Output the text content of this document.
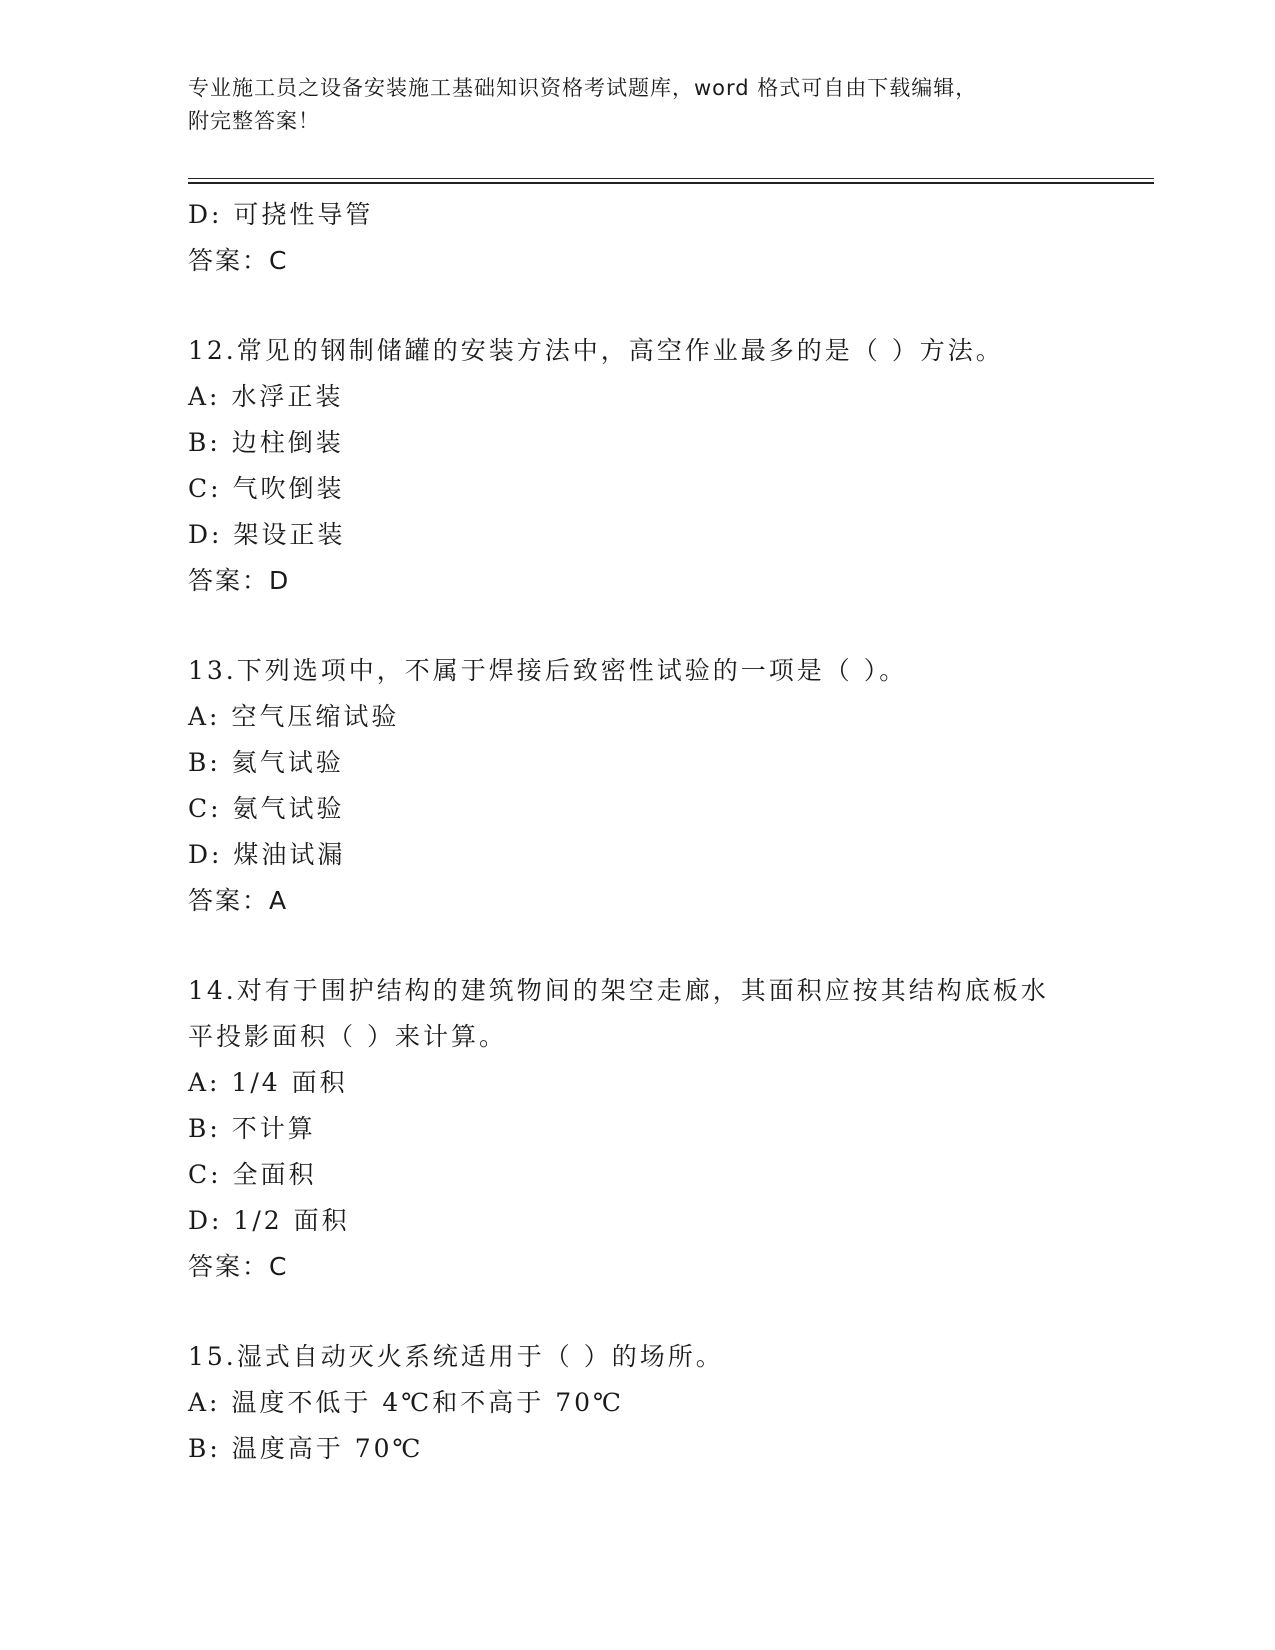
专业施工员之设备安装施工基础知识资格考试题库，word 格式可自由下载编辑，
附完整答案！
D: 可挠性导管
答案：C
12.常见的钢制储罐的安装方法中，高空作业最多的是（ ）方法。
A: 水浮正装
B: 边柱倒装
C: 气吹倒装
D: 架设正装
答案：D
13.下列选项中，不属于焊接后致密性试验的一项是（ ）。
A: 空气压缩试验
B: 氦气试验
C: 氨气试验
D: 煤油试漏
答案：A
14.对有于围护结构的建筑物间的架空走廊，其面积应按其结构底板水
平投影面积（ ）来计算。
A: 1/4 面积
B: 不计算
C: 全面积
D: 1/2 面积
答案：C
15.湿式自动灭火系统适用于（ ）的场所。
A: 温度不低于 4℃和不高于 70℃
B: 温度高于 70℃
